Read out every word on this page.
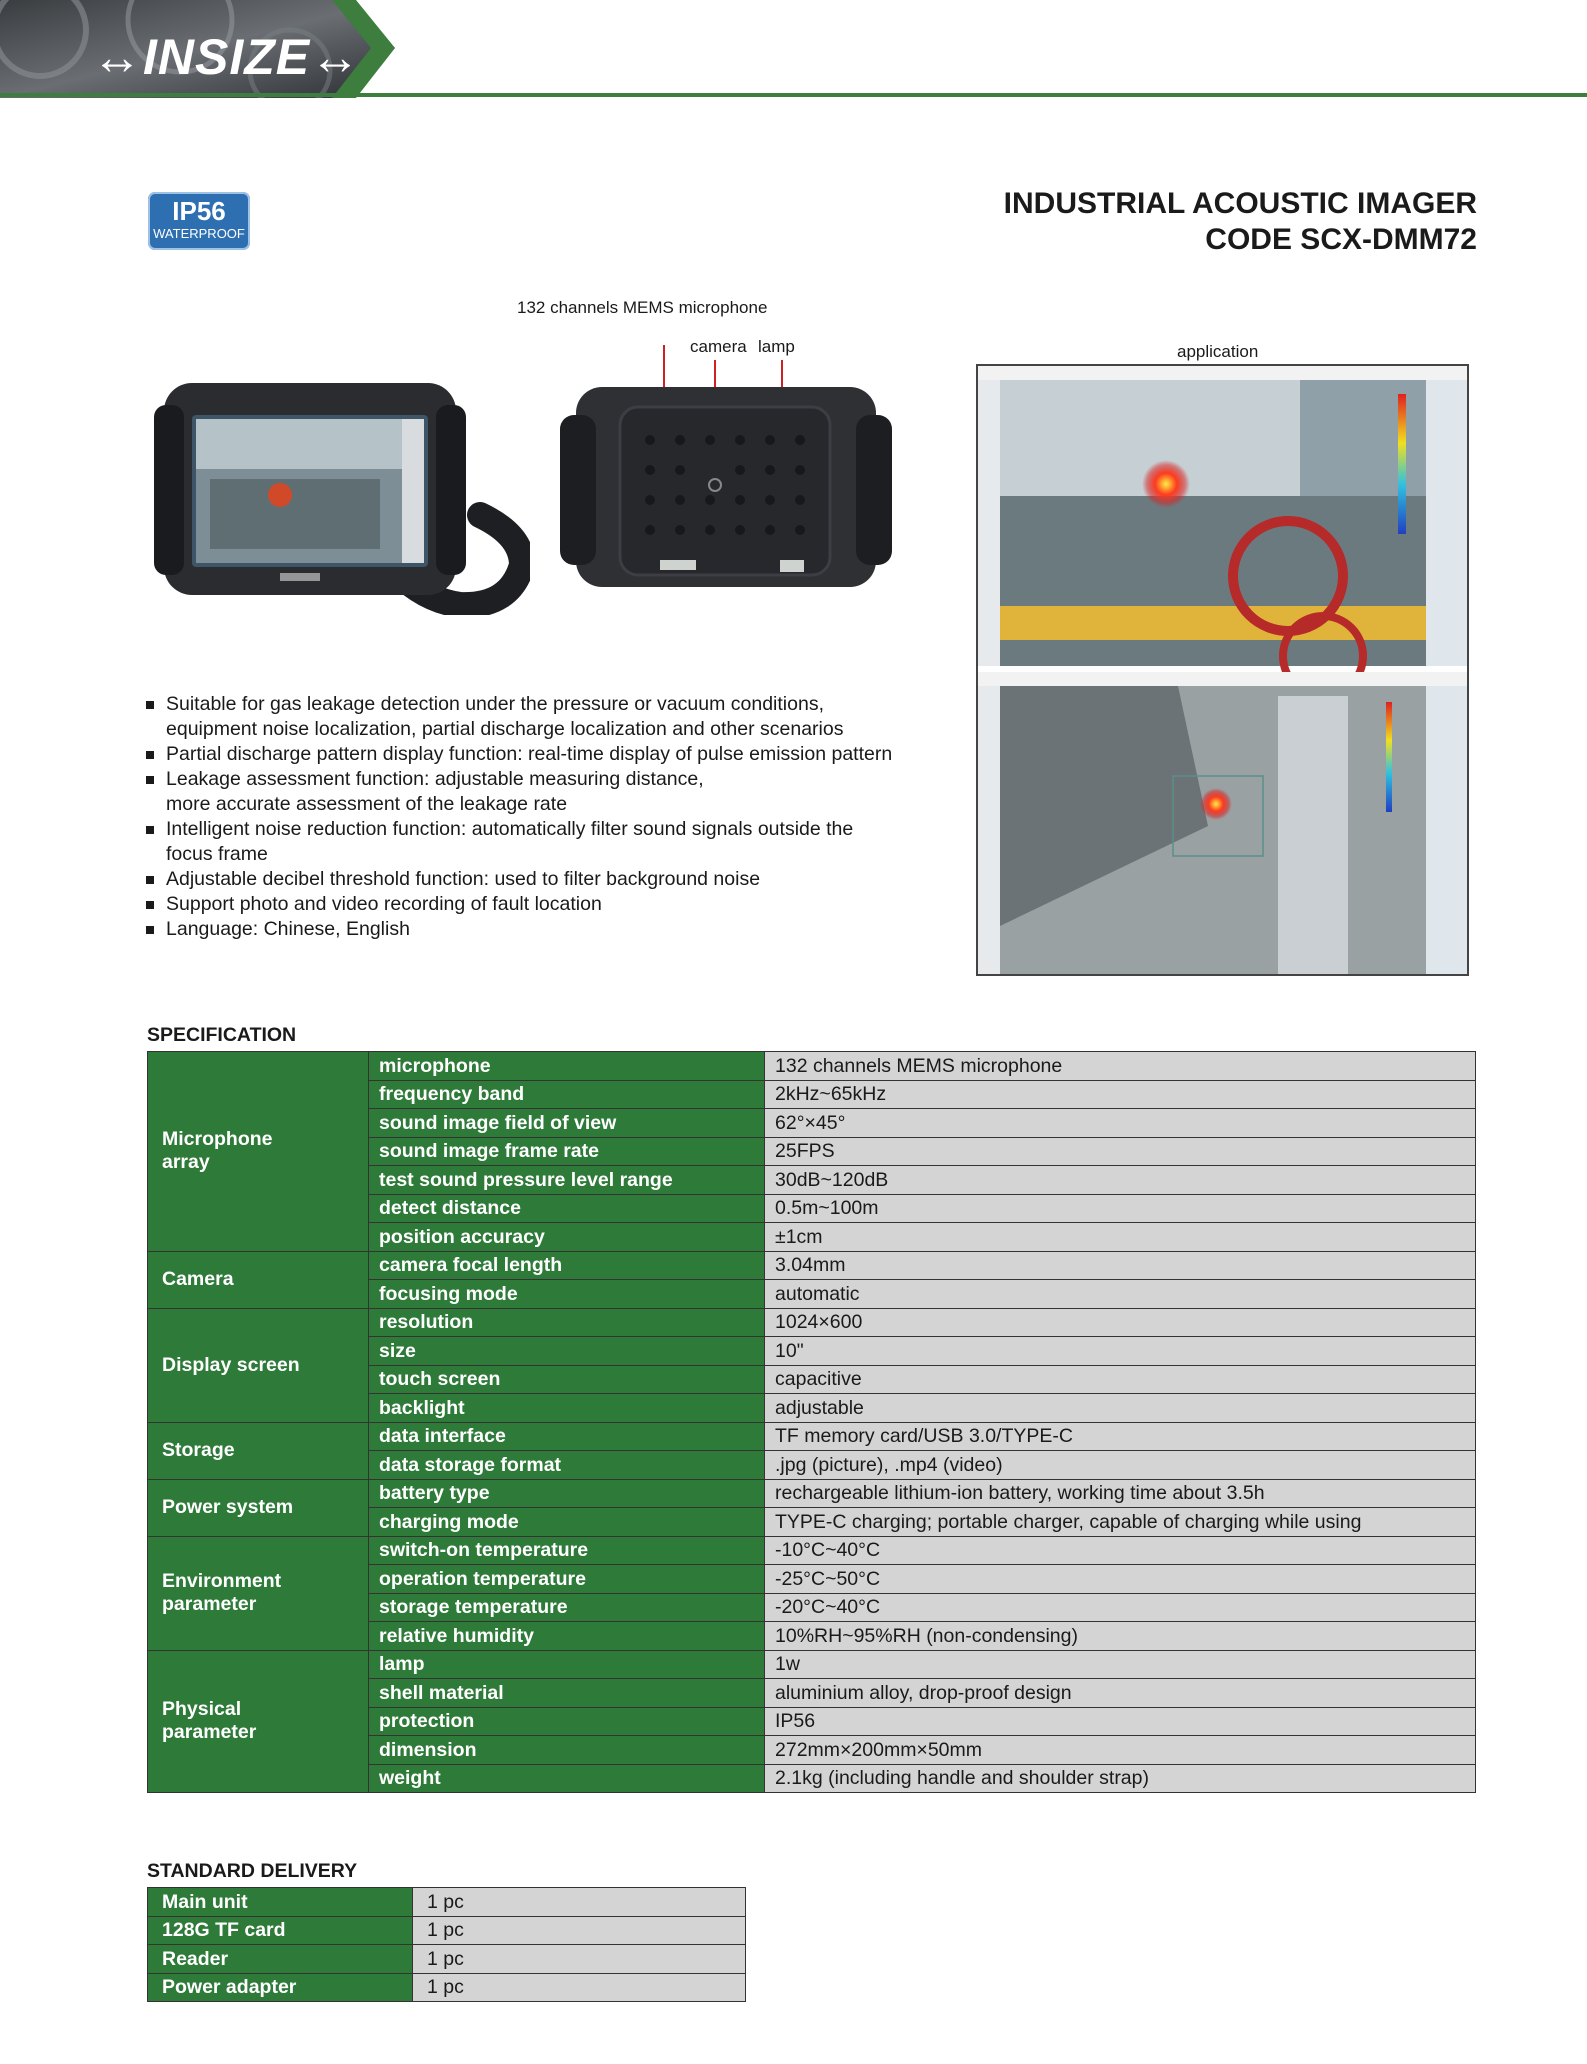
↔INSIZE↔
IP56
WATERPROOF
INDUSTRIAL ACOUSTIC IMAGER
CODE SCX-DMM72
132 channels MEMS microphone
camera lamp	application
Suitable for gas leakage detection under the pressure or vacuum conditions,
equipment noise localization, partial discharge localization and other scenarios
Partial discharge pattern display function: real-time display of pulse emission pattern
Leakage assessment function: adjustable measuring distance,
more accurate assessment of the leakage rate
Intelligent noise reduction function: automatically filter sound signals outside the
focus frame
Adjustable decibel threshold function: used to filter background noise
Support photo and video recording of fault location
Language: Chinese, English
SPECIFICATION
Microphone
array	microphone	132 channels MEMS microphone
	frequency band	2kHz~65kHz
	sound image field of view	62°×45°
	sound image frame rate	25FPS
	test sound pressure level range	30dB~120dB
	detect distance	0.5m~100m
	position accuracy	±1cm
Camera	camera focal length	3.04mm
	focusing mode	automatic
Display screen	resolution	1024×600
	size	10"
	touch screen	capacitive
	backlight	adjustable
Storage	data interface	TF memory card/USB 3.0/TYPE-C
	data storage format	.jpg (picture), .mp4 (video)
Power system	battery type	rechargeable lithium-ion battery, working time about 3.5h
	charging mode	TYPE-C charging; portable charger, capable of charging while using
Environment
parameter	switch-on temperature	-10°C~40°C
	operation temperature	-25°C~50°C
	storage temperature	-20°C~40°C
	relative humidity	10%RH~95%RH (non-condensing)
Physical
parameter	lamp	1w
	shell material	aluminium alloy, drop-proof design
	protection	IP56
	dimension	272mm×200mm×50mm
	weight	2.1kg (including handle and shoulder strap)
STANDARD DELIVERY
Main unit	1 pc
128G TF card	1 pc
Reader	1 pc
Power adapter	1 pc
